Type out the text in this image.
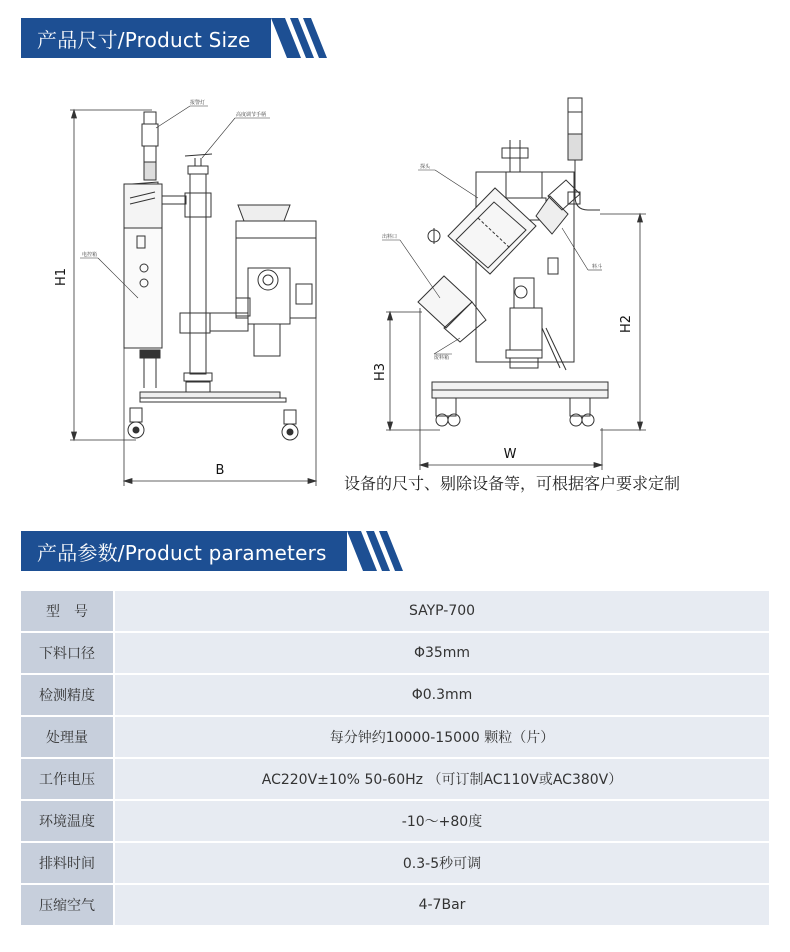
产品尺寸/Product Size
报警灯
高度调节手柄
电控箱
H1
B
探头
出料口
料斗
废料箱
H2
H3
W
设备的尺寸、剔除设备等，可根据客户要求定制
产品参数/Product parameters
型　号	SAYP-700
下料口径	Φ35mm
检测精度	Φ0.3mm
处理量	每分钟约10000-15000 颗粒（片）
工作电压	AC220V±10% 50-60Hz （可订制AC110V或AC380V）
环境温度	-10～+80度
排料时间	0.3-5秒可调
压缩空气	4-7Bar
